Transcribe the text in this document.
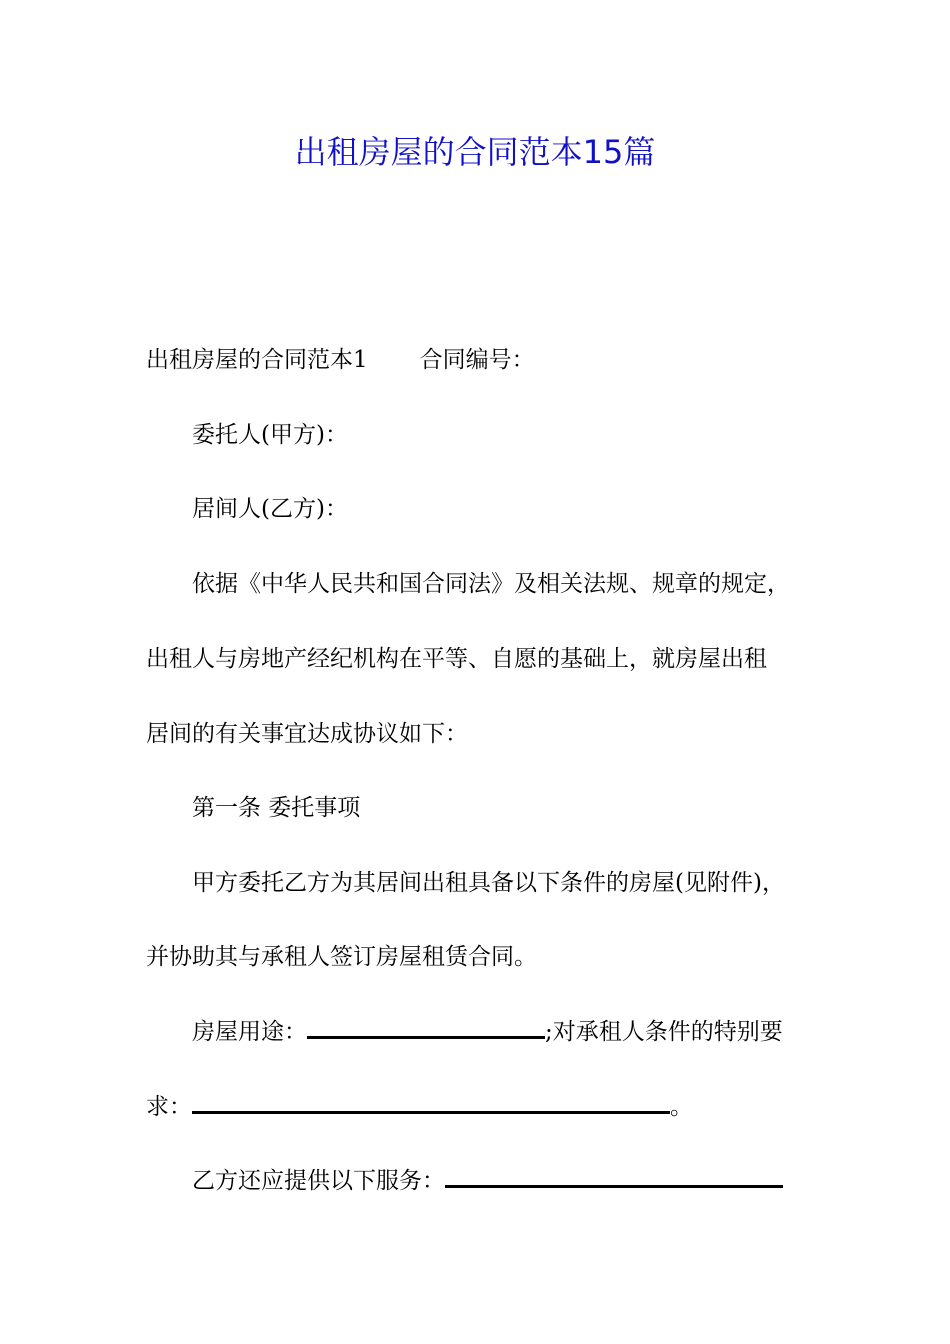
出租房屋的合同范本15篇
出租房屋的合同范本1 合同编号：
委托人(甲方)：
居间人(乙方)：
依据《中华人民共和国合同法》及相关法规、规章的规定，
出租人与房地产经纪机构在平等、自愿的基础上，就房屋出租
居间的有关事宜达成协议如下：
第一条 委托事项
甲方委托乙方为其居间出租具备以下条件的房屋(见附件)，
并协助其与承租人签订房屋租赁合同。
房屋用途：	;对承租人条件的特别要
求：	。
乙方还应提供以下服务：
